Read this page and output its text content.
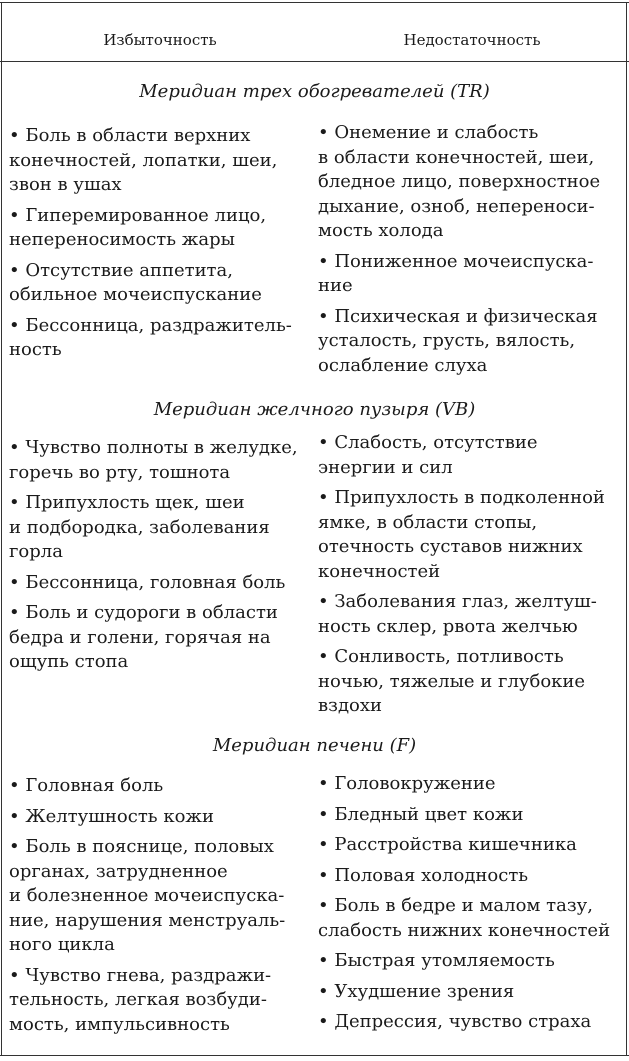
Избыточность	Недостаточность
Меридиан трех обогревателей (TR)
• Боль в области верхних
конечностей, лопатки, шеи,
звон в ушах
• Гиперемированное лицо,
непереносимость жары
• Отсутствие аппетита,
обильное мочеиспускание
• Бессонница, раздражитель-
ность
• Онемение и слабость
в области конечностей, шеи,
бледное лицо, поверхностное
дыхание, озноб, неперенoси-
мость холода
• Пониженное мочеиспуска-
ние
• Психическая и физическая
усталость, грусть, вялость,
ослабление слуха
Меридиан желчного пузыря (VB)
• Чувство полноты в желудке,
горечь во рту, тошнота
• Припухлость щек, шеи
и подбородка, заболевания
горла
• Бессонница, головная боль
• Боль и судороги в области
бедра и голени, горячая на
ощупь стопа
• Слабость, отсутствие
энергии и сил
• Припухлость в подколенной
ямке, в области стопы,
отечность суставов нижних
конечностей
• Заболевания глаз, желтуш-
ность склер, рвота желчью
• Сонливость, потливость
ночью, тяжелые и глубокие
вздохи
Меридиан печени (F)
• Головная боль
• Желтушность кожи
• Боль в пояснице, половых
органах, затрудненное
и болезненное мочеиспуска-
ние, нарушения менструаль-
ного цикла
• Чувство гнева, раздражи-
тельность, легкая возбуди-
мость, импульсивность
• Головокружение
• Бледный цвет кожи
• Расстройства кишечника
• Половая холодность
• Боль в бедре и малом тазу,
слабость нижних конечностей
• Быстрая утомляемость
• Ухудшение зрения
• Депрессия, чувство страха
